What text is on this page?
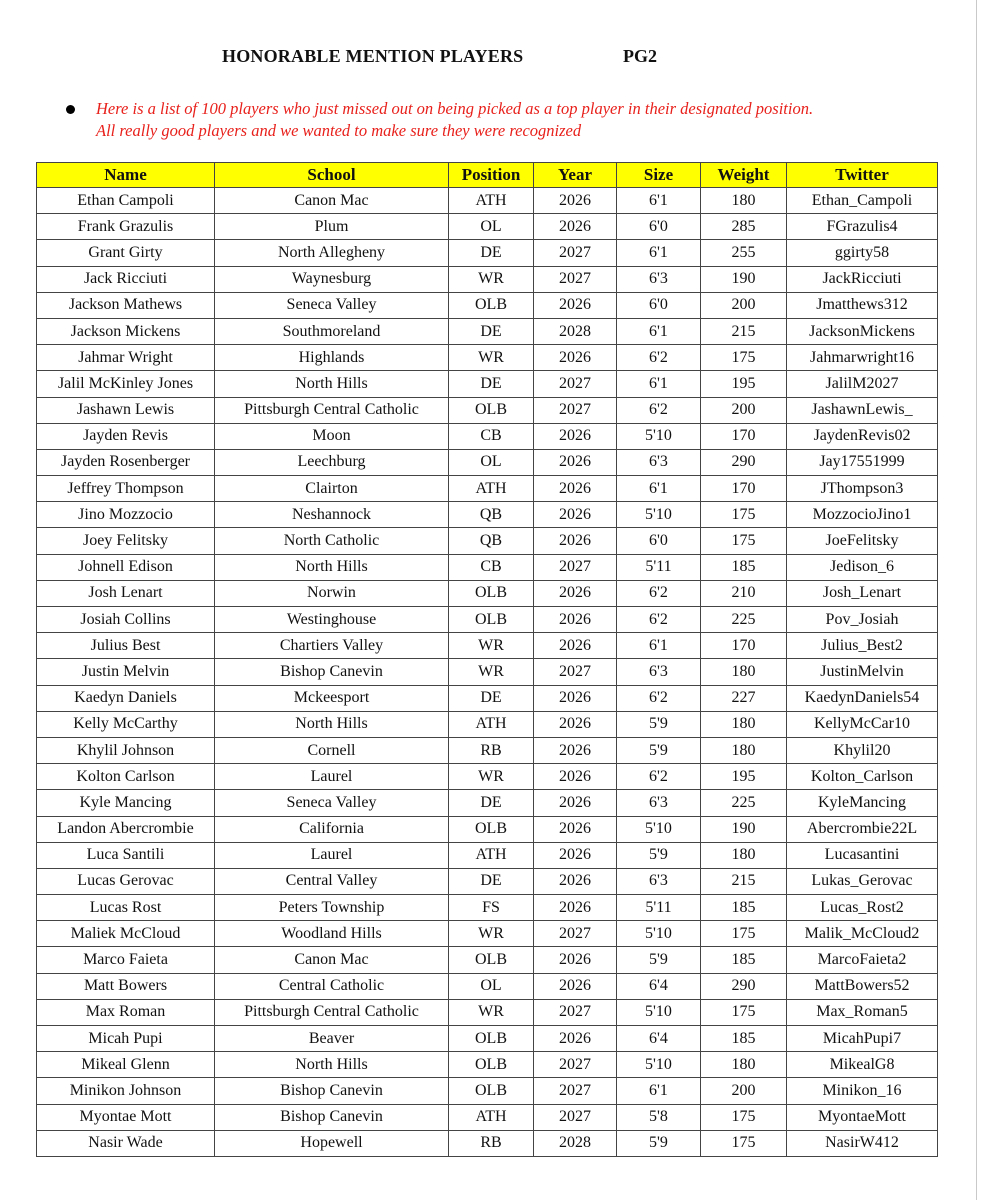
HONORABLE MENTION PLAYERS	PG2
Here is a list of 100 players who just missed out on being picked as a top player in their designated position. All really good players and we wanted to make sure they were recognized
Name	School	Position	Year	Size	Weight	Twitter
Ethan Campoli	Canon Mac	ATH	2026	6'1	180	Ethan_Campoli
Frank Grazulis	Plum	OL	2026	6'0	285	FGrazulis4
Grant Girty	North Allegheny	DE	2027	6'1	255	ggirty58
Jack Ricciuti	Waynesburg	WR	2027	6'3	190	JackRicciuti
Jackson Mathews	Seneca Valley	OLB	2026	6'0	200	Jmatthews312
Jackson Mickens	Southmoreland	DE	2028	6'1	215	JacksonMickens
Jahmar Wright	Highlands	WR	2026	6'2	175	Jahmarwright16
Jalil McKinley Jones	North Hills	DE	2027	6'1	195	JalilM2027
Jashawn Lewis	Pittsburgh Central Catholic	OLB	2027	6'2	200	JashawnLewis_
Jayden Revis	Moon	CB	2026	5'10	170	JaydenRevis02
Jayden Rosenberger	Leechburg	OL	2026	6'3	290	Jay17551999
Jeffrey Thompson	Clairton	ATH	2026	6'1	170	JThompson3
Jino Mozzocio	Neshannock	QB	2026	5'10	175	MozzocioJino1
Joey Felitsky	North Catholic	QB	2026	6'0	175	JoeFelitsky
Johnell Edison	North Hills	CB	2027	5'11	185	Jedison_6
Josh Lenart	Norwin	OLB	2026	6'2	210	Josh_Lenart
Josiah Collins	Westinghouse	OLB	2026	6'2	225	Pov_Josiah
Julius Best	Chartiers Valley	WR	2026	6'1	170	Julius_Best2
Justin Melvin	Bishop Canevin	WR	2027	6'3	180	JustinMelvin
Kaedyn Daniels	Mckeesport	DE	2026	6'2	227	KaedynDaniels54
Kelly McCarthy	North Hills	ATH	2026	5'9	180	KellyMcCar10
Khylil Johnson	Cornell	RB	2026	5'9	180	Khylil20
Kolton Carlson	Laurel	WR	2026	6'2	195	Kolton_Carlson
Kyle Mancing	Seneca Valley	DE	2026	6'3	225	KyleMancing
Landon Abercrombie	California	OLB	2026	5'10	190	Abercrombie22L
Luca Santili	Laurel	ATH	2026	5'9	180	Lucasantini
Lucas Gerovac	Central Valley	DE	2026	6'3	215	Lukas_Gerovac
Lucas Rost	Peters Township	FS	2026	5'11	185	Lucas_Rost2
Maliek McCloud	Woodland Hills	WR	2027	5'10	175	Malik_McCloud2
Marco Faieta	Canon Mac	OLB	2026	5'9	185	MarcoFaieta2
Matt Bowers	Central Catholic	OL	2026	6'4	290	MattBowers52
Max Roman	Pittsburgh Central Catholic	WR	2027	5'10	175	Max_Roman5
Micah Pupi	Beaver	OLB	2026	6'4	185	MicahPupi7
Mikeal Glenn	North Hills	OLB	2027	5'10	180	MikealG8
Minikon Johnson	Bishop Canevin	OLB	2027	6'1	200	Minikon_16
Myontae Mott	Bishop Canevin	ATH	2027	5'8	175	MyontaeMott
Nasir Wade	Hopewell	RB	2028	5'9	175	NasirW412
